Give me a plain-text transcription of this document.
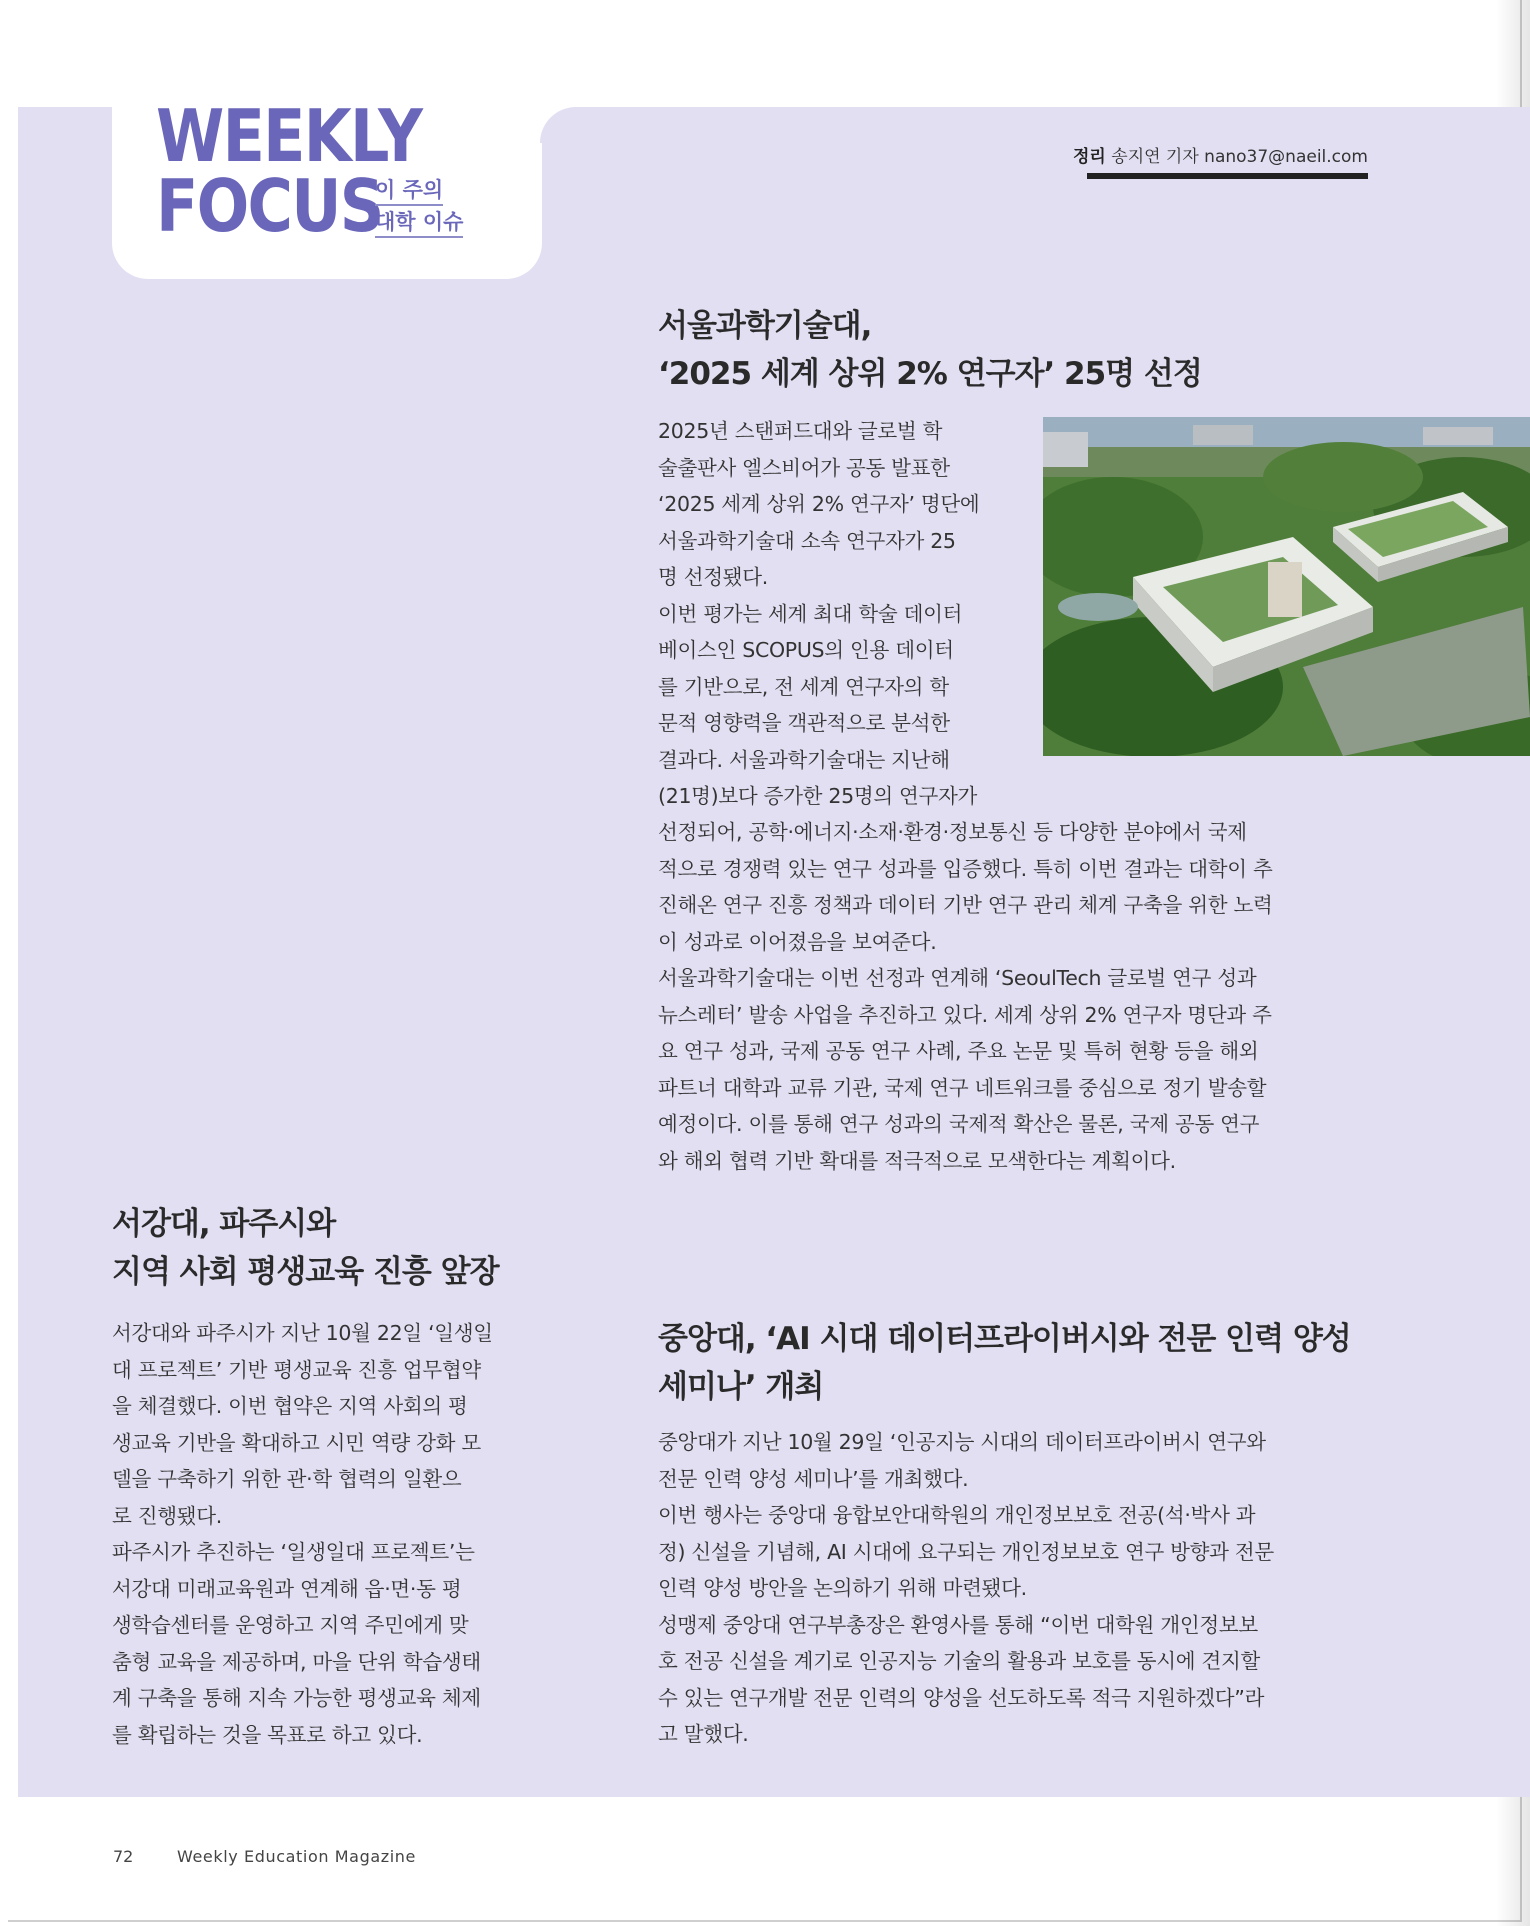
WEEKLY
FOCUS
이 주의
대학 이슈
정리 송지연 기자 nano37@naeil.com
서울과학기술대,
‘2025 세계 상위 2% 연구자’ 25명 선정
2025년 스탠퍼드대와 글로벌 학
술출판사 엘스비어가 공동 발표한
‘2025 세계 상위 2% 연구자’ 명단에
서울과학기술대 소속 연구자가 25
명 선정됐다.
이번 평가는 세계 최대 학술 데이터
베이스인 SCOPUS의 인용 데이터
를 기반으로, 전 세계 연구자의 학
문적 영향력을 객관적으로 분석한
결과다. 서울과학기술대는 지난해
(21명)보다 증가한 25명의 연구자가
선정되어, 공학·에너지·소재·환경·정보통신 등 다양한 분야에서 국제
적으로 경쟁력 있는 연구 성과를 입증했다. 특히 이번 결과는 대학이 추
진해온 연구 진흥 정책과 데이터 기반 연구 관리 체계 구축을 위한 노력
이 성과로 이어졌음을 보여준다.
서울과학기술대는 이번 선정과 연계해 ‘SeoulTech 글로벌 연구 성과
뉴스레터’ 발송 사업을 추진하고 있다. 세계 상위 2% 연구자 명단과 주
요 연구 성과, 국제 공동 연구 사례, 주요 논문 및 특허 현황 등을 해외
파트너 대학과 교류 기관, 국제 연구 네트워크를 중심으로 정기 발송할
예정이다. 이를 통해 연구 성과의 국제적 확산은 물론, 국제 공동 연구
와 해외 협력 기반 확대를 적극적으로 모색한다는 계획이다.
서강대, 파주시와
지역 사회 평생교육 진흥 앞장
서강대와 파주시가 지난 10월 22일 ‘일생일
대 프로젝트’ 기반 평생교육 진흥 업무협약
을 체결했다. 이번 협약은 지역 사회의 평
생교육 기반을 확대하고 시민 역량 강화 모
델을 구축하기 위한 관·학 협력의 일환으
로 진행됐다.
파주시가 추진하는 ‘일생일대 프로젝트’는
서강대 미래교육원과 연계해 읍·면·동 평
생학습센터를 운영하고 지역 주민에게 맞
춤형 교육을 제공하며, 마을 단위 학습생태
계 구축을 통해 지속 가능한 평생교육 체제
를 확립하는 것을 목표로 하고 있다.
중앙대, ‘AI 시대 데이터프라이버시와 전문 인력 양성
세미나’ 개최
중앙대가 지난 10월 29일 ‘인공지능 시대의 데이터프라이버시 연구와
전문 인력 양성 세미나’를 개최했다.
이번 행사는 중앙대 융합보안대학원의 개인정보보호 전공(석·박사 과
정) 신설을 기념해, AI 시대에 요구되는 개인정보보호 연구 방향과 전문
인력 양성 방안을 논의하기 위해 마련됐다.
성맹제 중앙대 연구부총장은 환영사를 통해 “이번 대학원 개인정보보
호 전공 신설을 계기로 인공지능 기술의 활용과 보호를 동시에 견지할
수 있는 연구개발 전문 인력의 양성을 선도하도록 적극 지원하겠다”라
고 말했다.
72	Weekly Education Magazine
